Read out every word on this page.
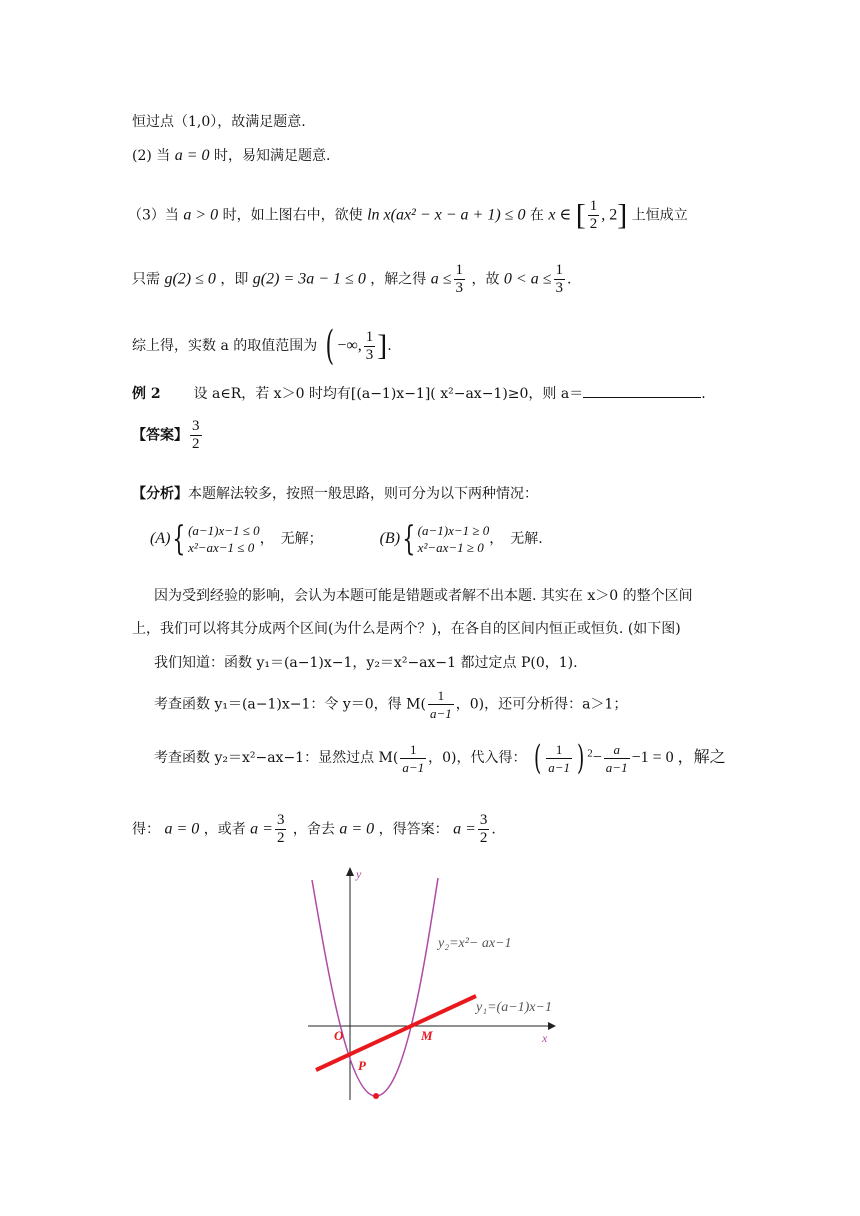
恒过点（1,0），故满足题意.
(2) 当 a = 0 时，易知满足题意.
（3）当 a > 0 时，如上图右中，欲使 ln x(ax² − x − a + 1) ≤ 0 在 x ∈ [ $\frac{1}{2}$ , 2] 上恒成立
只需 g(2) ≤ 0 ，即 g(2) = 3a − 1 ≤ 0 ，解之得 $a \le \frac{1}{3}$ ，故 $0 < a \le \frac{1}{3}$ .
综上得，实数 a 的取值范围为 ( −∞, $\frac{1}{3}$ ].
例 2 设 a∈R，若 x＞0 时均有[(a−1)x−1]( x²−ax−1)≥0，则 a＝	.
【答案】 $\frac{3}{2}$
【分析】本题解法较多，按照一般思路，则可分为以下两种情况：
(A){ (a−1)x−1 ≤ 0
x²−ax−1 ≤ 0
，　无解；	(B){ (a−1)x−1 ≥ 0
x²−ax−1 ≥ 0
，　无解.
因为受到经验的影响，会认为本题可能是错题或者解不出本题. 其实在 x＞0 的整个区间
上，我们可以将其分成两个区间(为什么是两个？)，在各自的区间内恒正或恒负. (如下图)
我们知道：函数 y₁＝(a−1)x−1，y₂＝x²−ax−1 都过定点 P(0，1).
考查函数 y₁＝(a−1)x−1：令 y＝0，得 $M( \frac{1}{a-1}$ ，0)，还可分析得：a＞1；
考查函数 y₂＝x²−ax−1：显然过点 $M( \frac{1}{a-1}$ ，0)，代入得： ( $\frac{1}{a-1}$ ) $^2- \frac{a}{a-1} -1 = 0$ ，解之
得： a = 0 ，或者 $a = \frac{3}{2}$ ，舍去 a = 0 ，得答案： $a = \frac{3}{2}$ .
y
x
O	M
P
y₂=x²− ax−1
y₁=(a−1)x−1
